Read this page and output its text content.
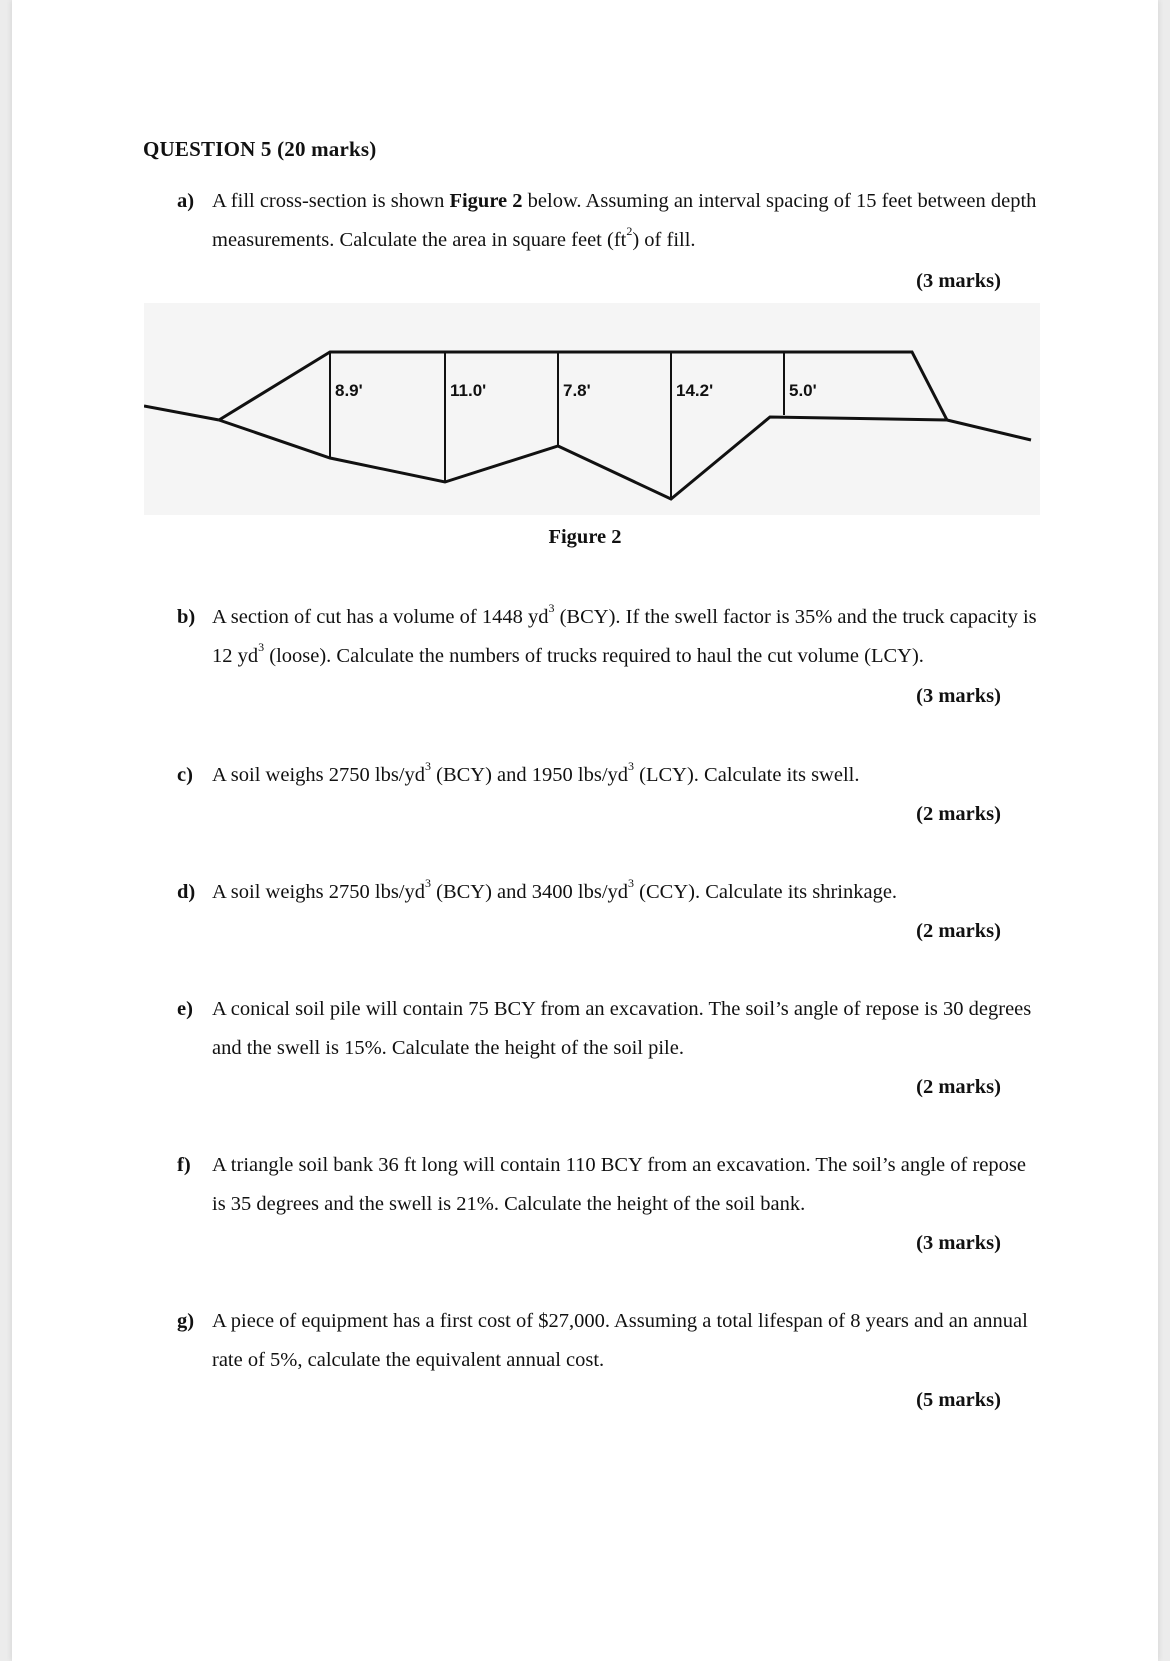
QUESTION 5 (20 marks)
a) A fill cross-section is shown Figure 2 below. Assuming an interval spacing of 15 feet between depth measurements. Calculate the area in square feet $(ft^2)$ of fill.
(3 marks)
8.9'	11.0'	7.8'	14.2'	5.0'
Figure 2
b) A section of cut has a volume of 1448 $yd^3$ (BCY). If the swell factor is 35% and the truck capacity is 12 $yd^3$ (loose). Calculate the numbers of trucks required to haul the cut volume (LCY).
(3 marks)
c) A soil weighs 2750 lbs/$yd^3$ (BCY) and 1950 lbs/$yd^3$ (LCY). Calculate its swell.
(2 marks)
d) A soil weighs 2750 lbs/$yd^3$ (BCY) and 3400 lbs/$yd^3$ (CCY). Calculate its shrinkage.
(2 marks)
e) A conical soil pile will contain 75 BCY from an excavation. The soil’s angle of repose is 30 degrees and the swell is 15%. Calculate the height of the soil pile.
(2 marks)
f) A triangle soil bank 36 ft long will contain 110 BCY from an excavation. The soil’s angle of repose is 35 degrees and the swell is 21%. Calculate the height of the soil bank.
(3 marks)
g) A piece of equipment has a first cost of $27,000. Assuming a total lifespan of 8 years and an annual rate of 5%, calculate the equivalent annual cost.
(5 marks)
